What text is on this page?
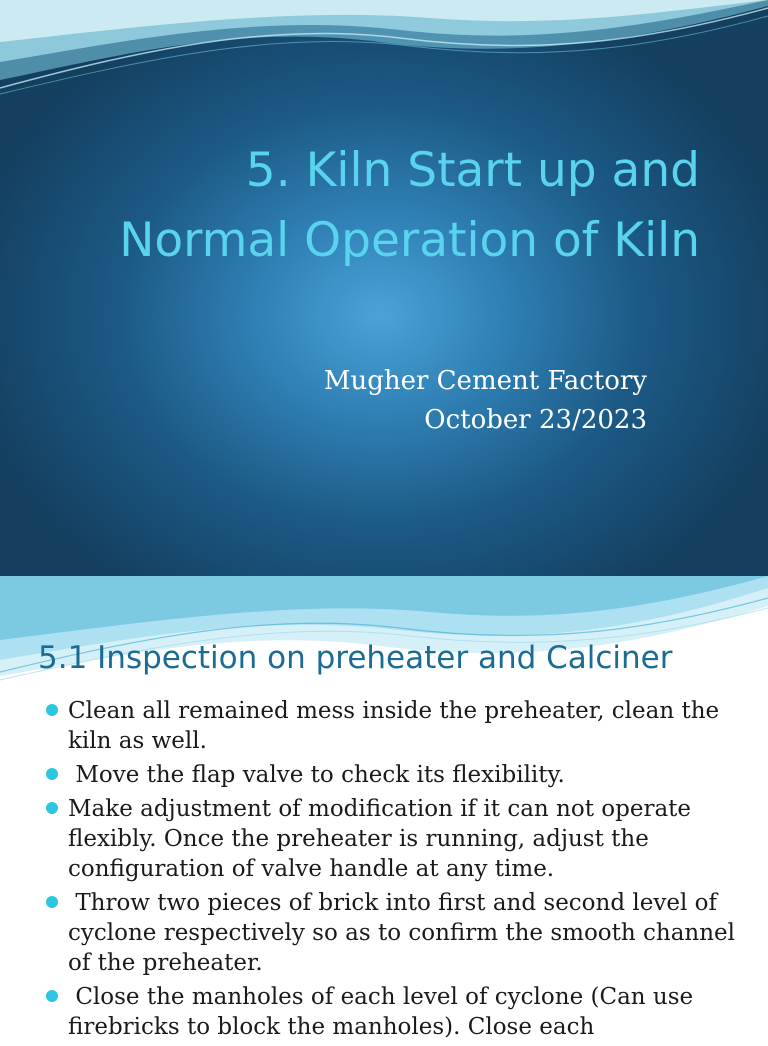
5. Kiln Start up and
Normal Operation of Kiln
Mugher Cement Factory
October 23/2023
5.1 Inspection on preheater and Calciner
Clean all remained mess inside the preheater, clean the kiln as well.
Move the flap valve to check its flexibility.
Make adjustment of modification if it can not operate flexibly. Once the preheater is running, adjust the configuration of valve handle at any time.
Throw two pieces of brick into first and second level of cyclone respectively so as to confirm the smooth channel of the preheater.
Close the manholes of each level of cyclone (Can use firebricks to block the manholes). Close each
